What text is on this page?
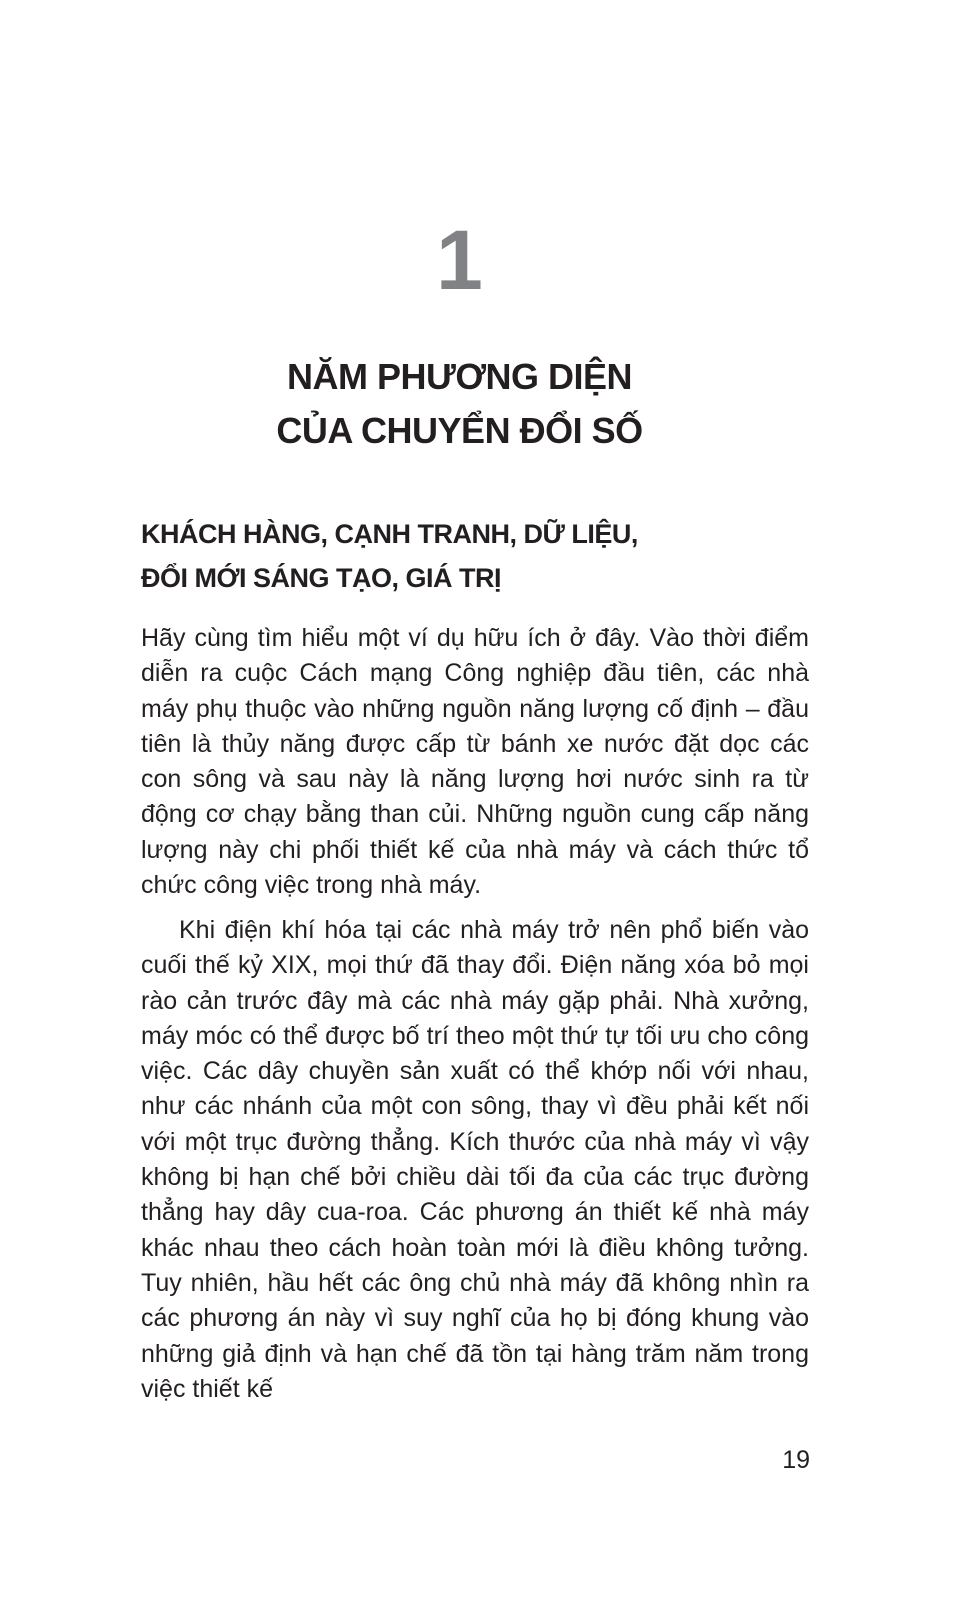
1
NĂM PHƯƠNG DIỆN
CỦA CHUYỂN ĐỔI SỐ
KHÁCH HÀNG, CẠNH TRANH, DỮ LIỆU,
ĐỔI MỚI SÁNG TẠO, GIÁ TRỊ

Hãy cùng tìm hiểu một ví dụ hữu ích ở đây. Vào thời điểm diễn ra cuộc Cách mạng Công nghiệp đầu tiên, các nhà máy phụ thuộc vào những nguồn năng lượng cố định – đầu tiên là thủy năng được cấp từ bánh xe nước đặt dọc các con sông và sau này là năng lượng hơi nước sinh ra từ động cơ chạy bằng than củi. Những nguồn cung cấp năng lượng này chi phối thiết kế của nhà máy và cách thức tổ chức công việc trong nhà máy.

Khi điện khí hóa tại các nhà máy trở nên phổ biến vào cuối thế kỷ XIX, mọi thứ đã thay đổi. Điện năng xóa bỏ mọi rào cản trước đây mà các nhà máy gặp phải. Nhà xưởng, máy móc có thể được bố trí theo một thứ tự tối ưu cho công việc. Các dây chuyền sản xuất có thể khớp nối với nhau, như các nhánh của một con sông, thay vì đều phải kết nối với một trục đường thẳng. Kích thước của nhà máy vì vậy không bị hạn chế bởi chiều dài tối đa của các trục đường thẳng hay dây cua-roa. Các phương án thiết kế nhà máy khác nhau theo cách hoàn toàn mới là điều không tưởng. Tuy nhiên, hầu hết các ông chủ nhà máy đã không nhìn ra các phương án này vì suy nghĩ của họ bị đóng khung vào những giả định và hạn chế đã tồn tại hàng trăm năm trong việc thiết kế

19
